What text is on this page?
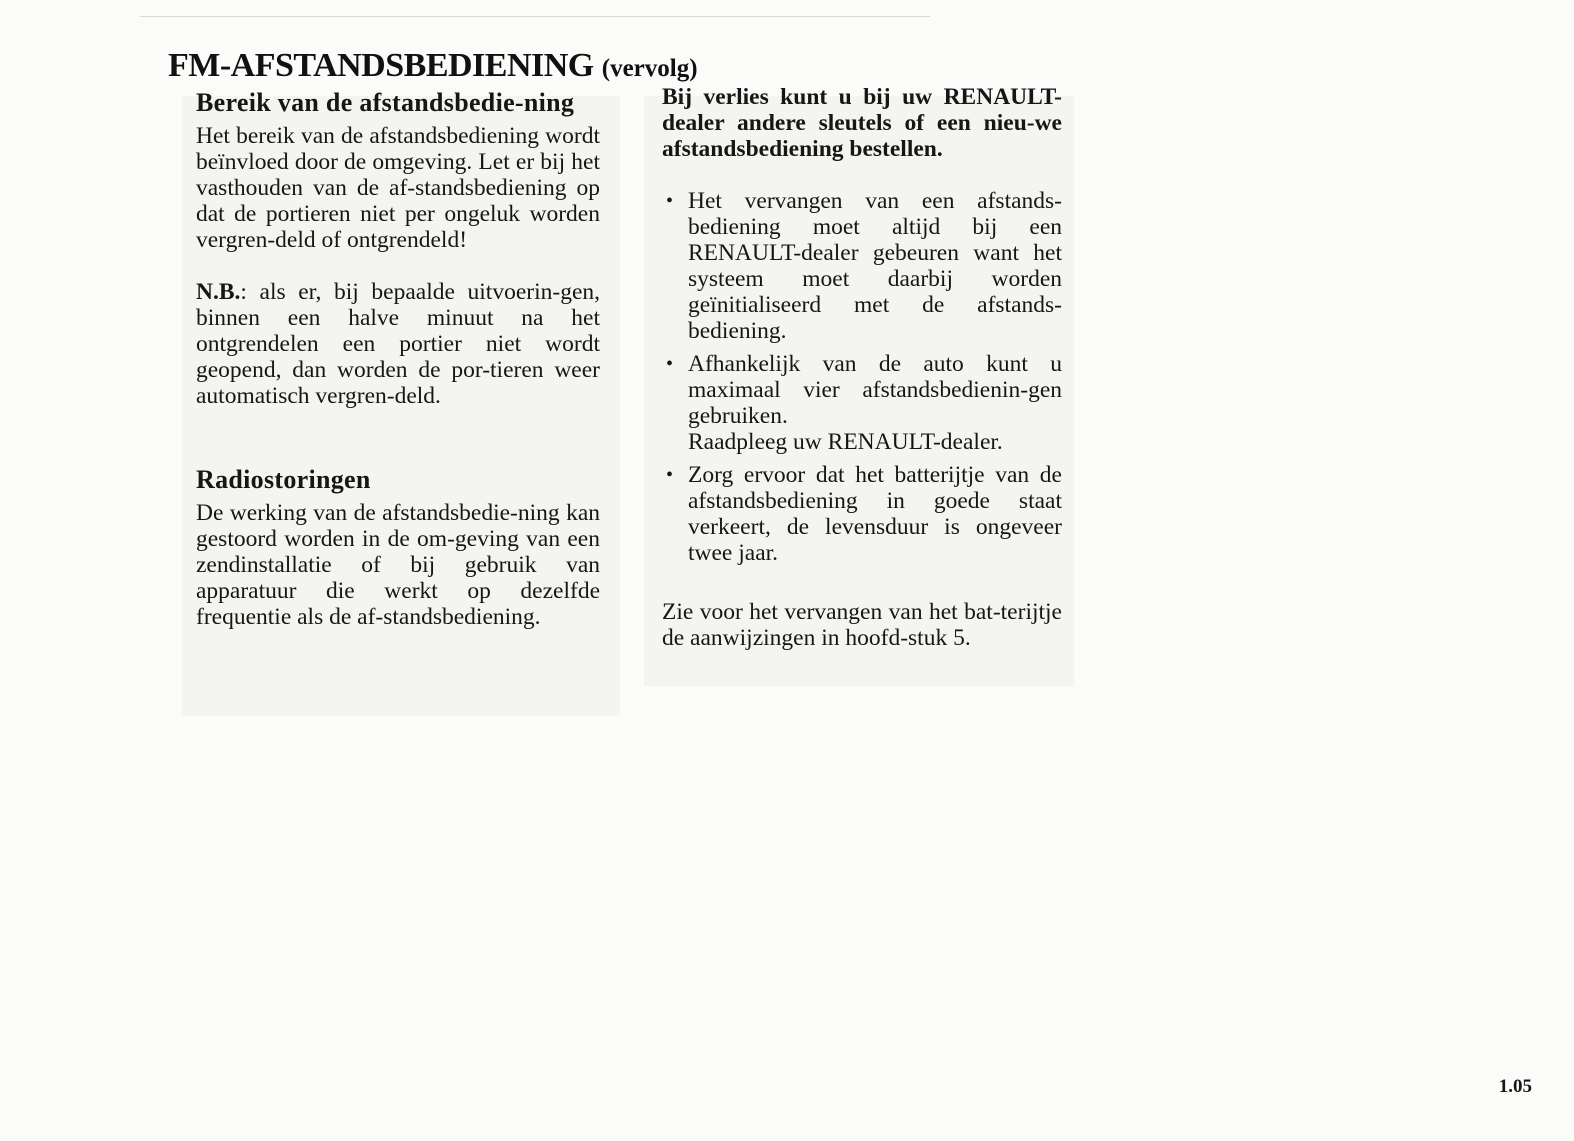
FM-AFSTANDSBEDIENING (vervolg)
Bereik van de afstandsbedie-ning

Het bereik van de afstandsbediening wordt beïnvloed door de omgeving. Let er bij het vasthouden van de af-standsbediening op dat de portieren niet per ongeluk worden vergren-deld of ontgrendeld!

N.B.: als er, bij bepaalde uitvoerin-gen, binnen een halve minuut na het ontgrendelen een portier niet wordt geopend, dan worden de por-tieren weer automatisch vergren-deld.

Radiostoringen

De werking van de afstandsbedie-ning kan gestoord worden in de om-geving van een zendinstallatie of bij gebruik van apparatuur die werkt op dezelfde frequentie als de af-standsbediening.

Bij verlies kunt u bij uw RENAULT-dealer andere sleutels of een nieu-we afstandsbediening bestellen.

• Het vervangen van een afstands-bediening moet altijd bij een RENAULT-dealer gebeuren want het systeem moet daarbij worden geïnitialiseerd met de afstands-bediening.
• Afhankelijk van de auto kunt u maximaal vier afstandsbedienin-gen gebruiken.
Raadpleeg uw RENAULT-dealer.
• Zorg ervoor dat het batterijtje van de afstandsbediening in goede staat verkeert, de levensduur is ongeveer twee jaar.

Zie voor het vervangen van het bat-terijtje de aanwijzingen in hoofd-stuk 5.

1.05
